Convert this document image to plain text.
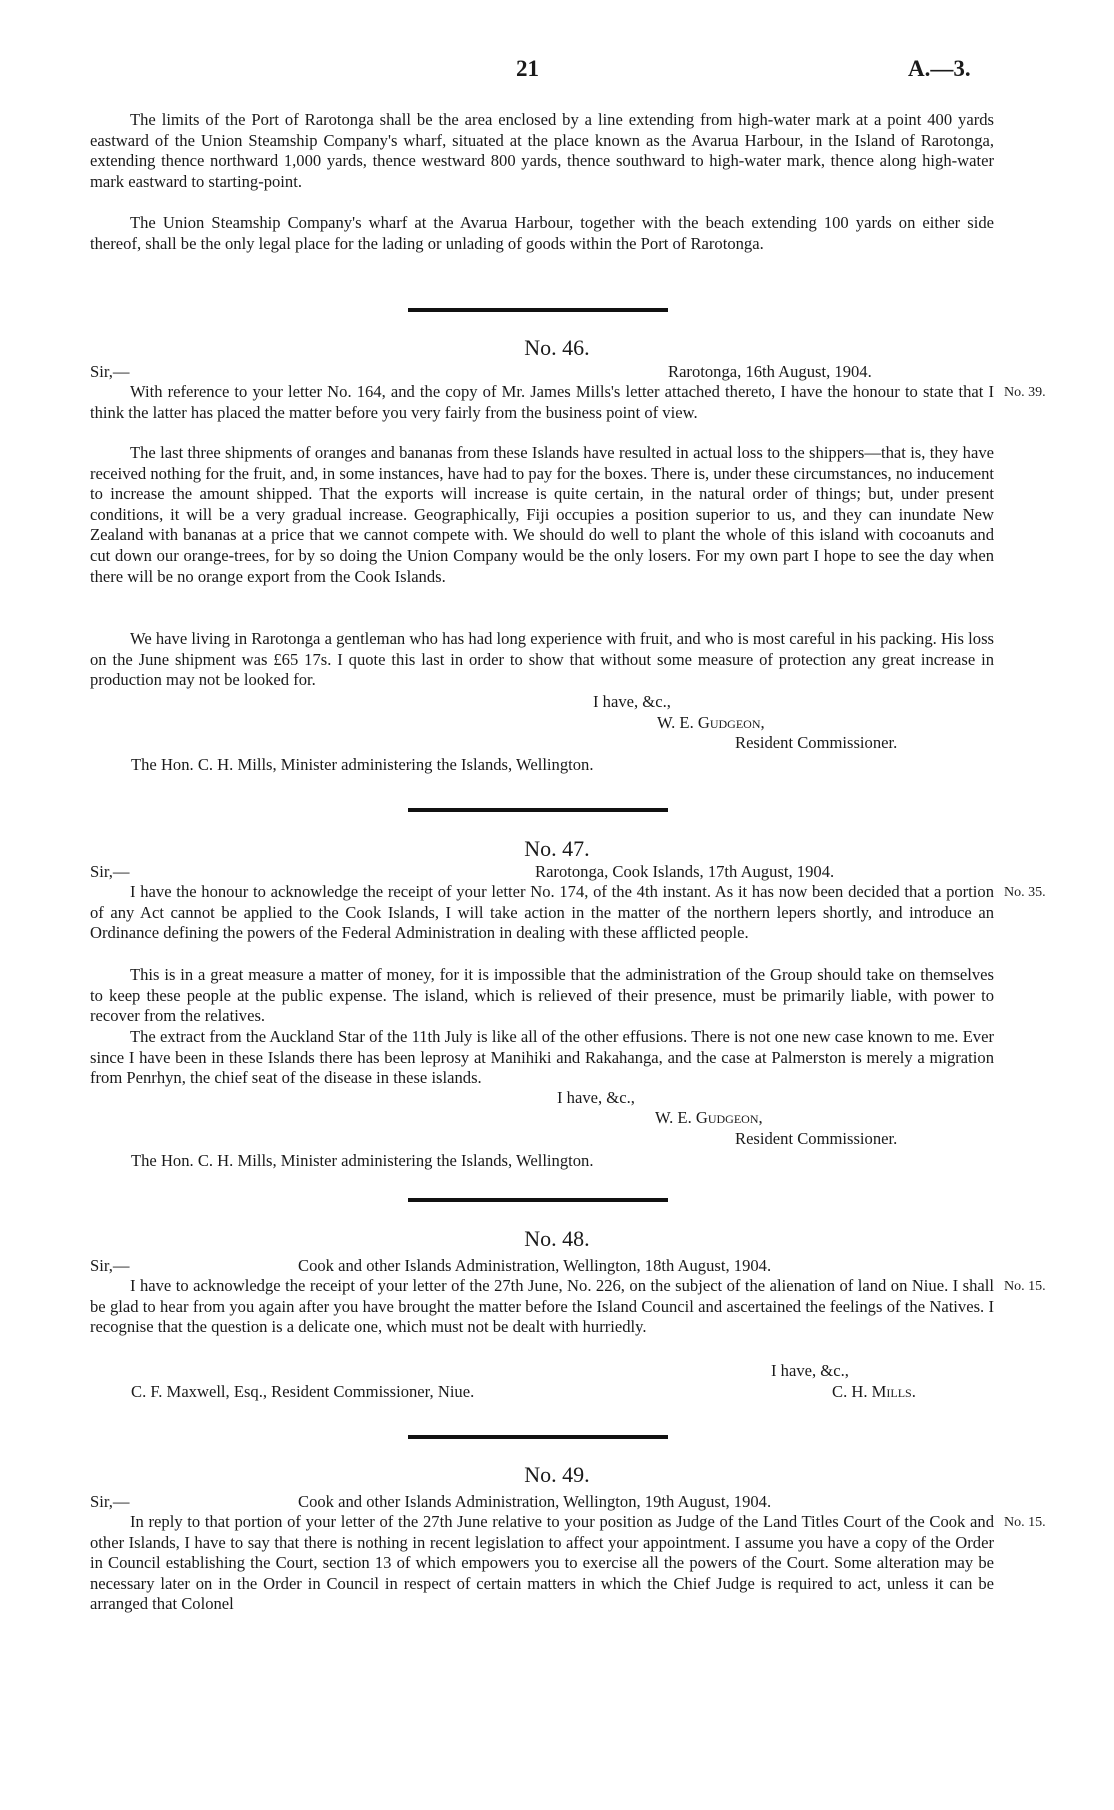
21	A.—3.
The limits of the Port of Rarotonga shall be the area enclosed by a line extending from high-water mark at a point 400 yards eastward of the Union Steamship Company's wharf, situated at the place known as the Avarua Harbour, in the Island of Rarotonga, extending thence northward 1,000 yards, thence westward 800 yards, thence southward to high-water mark, thence along high-water mark eastward to starting-point.
The Union Steamship Company's wharf at the Avarua Harbour, together with the beach extending 100 yards on either side thereof, shall be the only legal place for the lading or unlading of goods within the Port of Rarotonga.
No. 46.
Sir,—	Rarotonga, 16th August, 1904.
No. 39.
With reference to your letter No. 164, and the copy of Mr. James Mills's letter attached thereto, I have the honour to state that I think the latter has placed the matter before you very fairly from the business point of view.
The last three shipments of oranges and bananas from these Islands have resulted in actual loss to the shippers—that is, they have received nothing for the fruit, and, in some instances, have had to pay for the boxes. There is, under these circumstances, no inducement to increase the amount shipped. That the exports will increase is quite certain, in the natural order of things; but, under present conditions, it will be a very gradual increase. Geographically, Fiji occupies a position superior to us, and they can inundate New Zealand with bananas at a price that we cannot compete with. We should do well to plant the whole of this island with cocoanuts and cut down our orange-trees, for by so doing the Union Company would be the only losers. For my own part I hope to see the day when there will be no orange export from the Cook Islands.
We have living in Rarotonga a gentleman who has had long experience with fruit, and who is most careful in his packing. His loss on the June shipment was £65 17s. I quote this last in order to show that without some measure of protection any great increase in production may not be looked for.
I have, &c.,
W. E. Gudgeon,
Resident Commissioner.
The Hon. C. H. Mills, Minister administering the Islands, Wellington.
No. 47.
Sir,—	Rarotonga, Cook Islands, 17th August, 1904.
No. 35.
I have the honour to acknowledge the receipt of your letter No. 174, of the 4th instant. As it has now been decided that a portion of any Act cannot be applied to the Cook Islands, I will take action in the matter of the northern lepers shortly, and introduce an Ordinance defining the powers of the Federal Administration in dealing with these afflicted people.
This is in a great measure a matter of money, for it is impossible that the administration of the Group should take on themselves to keep these people at the public expense. The island, which is relieved of their presence, must be primarily liable, with power to recover from the relatives.
The extract from the Auckland Star of the 11th July is like all of the other effusions. There is not one new case known to me. Ever since I have been in these Islands there has been leprosy at Manihiki and Rakahanga, and the case at Palmerston is merely a migration from Penrhyn, the chief seat of the disease in these islands.
I have, &c.,
W. E. Gudgeon,
Resident Commissioner.
The Hon. C. H. Mills, Minister administering the Islands, Wellington.
No. 48.
Sir,—	Cook and other Islands Administration, Wellington, 18th August, 1904.
No. 15.
I have to acknowledge the receipt of your letter of the 27th June, No. 226, on the subject of the alienation of land on Niue. I shall be glad to hear from you again after you have brought the matter before the Island Council and ascertained the feelings of the Natives. I recognise that the question is a delicate one, which must not be dealt with hurriedly.
I have, &c.,
C. F. Maxwell, Esq., Resident Commissioner, Niue.	C. H. Mills.
No. 49.
Sir,—	Cook and other Islands Administration, Wellington, 19th August, 1904.
No. 15.
In reply to that portion of your letter of the 27th June relative to your position as Judge of the Land Titles Court of the Cook and other Islands, I have to say that there is nothing in recent legislation to affect your appointment. I assume you have a copy of the Order in Council establishing the Court, section 13 of which empowers you to exercise all the powers of the Court. Some alteration may be necessary later on in the Order in Council in respect of certain matters in which the Chief Judge is required to act, unless it can be arranged that Colonel
